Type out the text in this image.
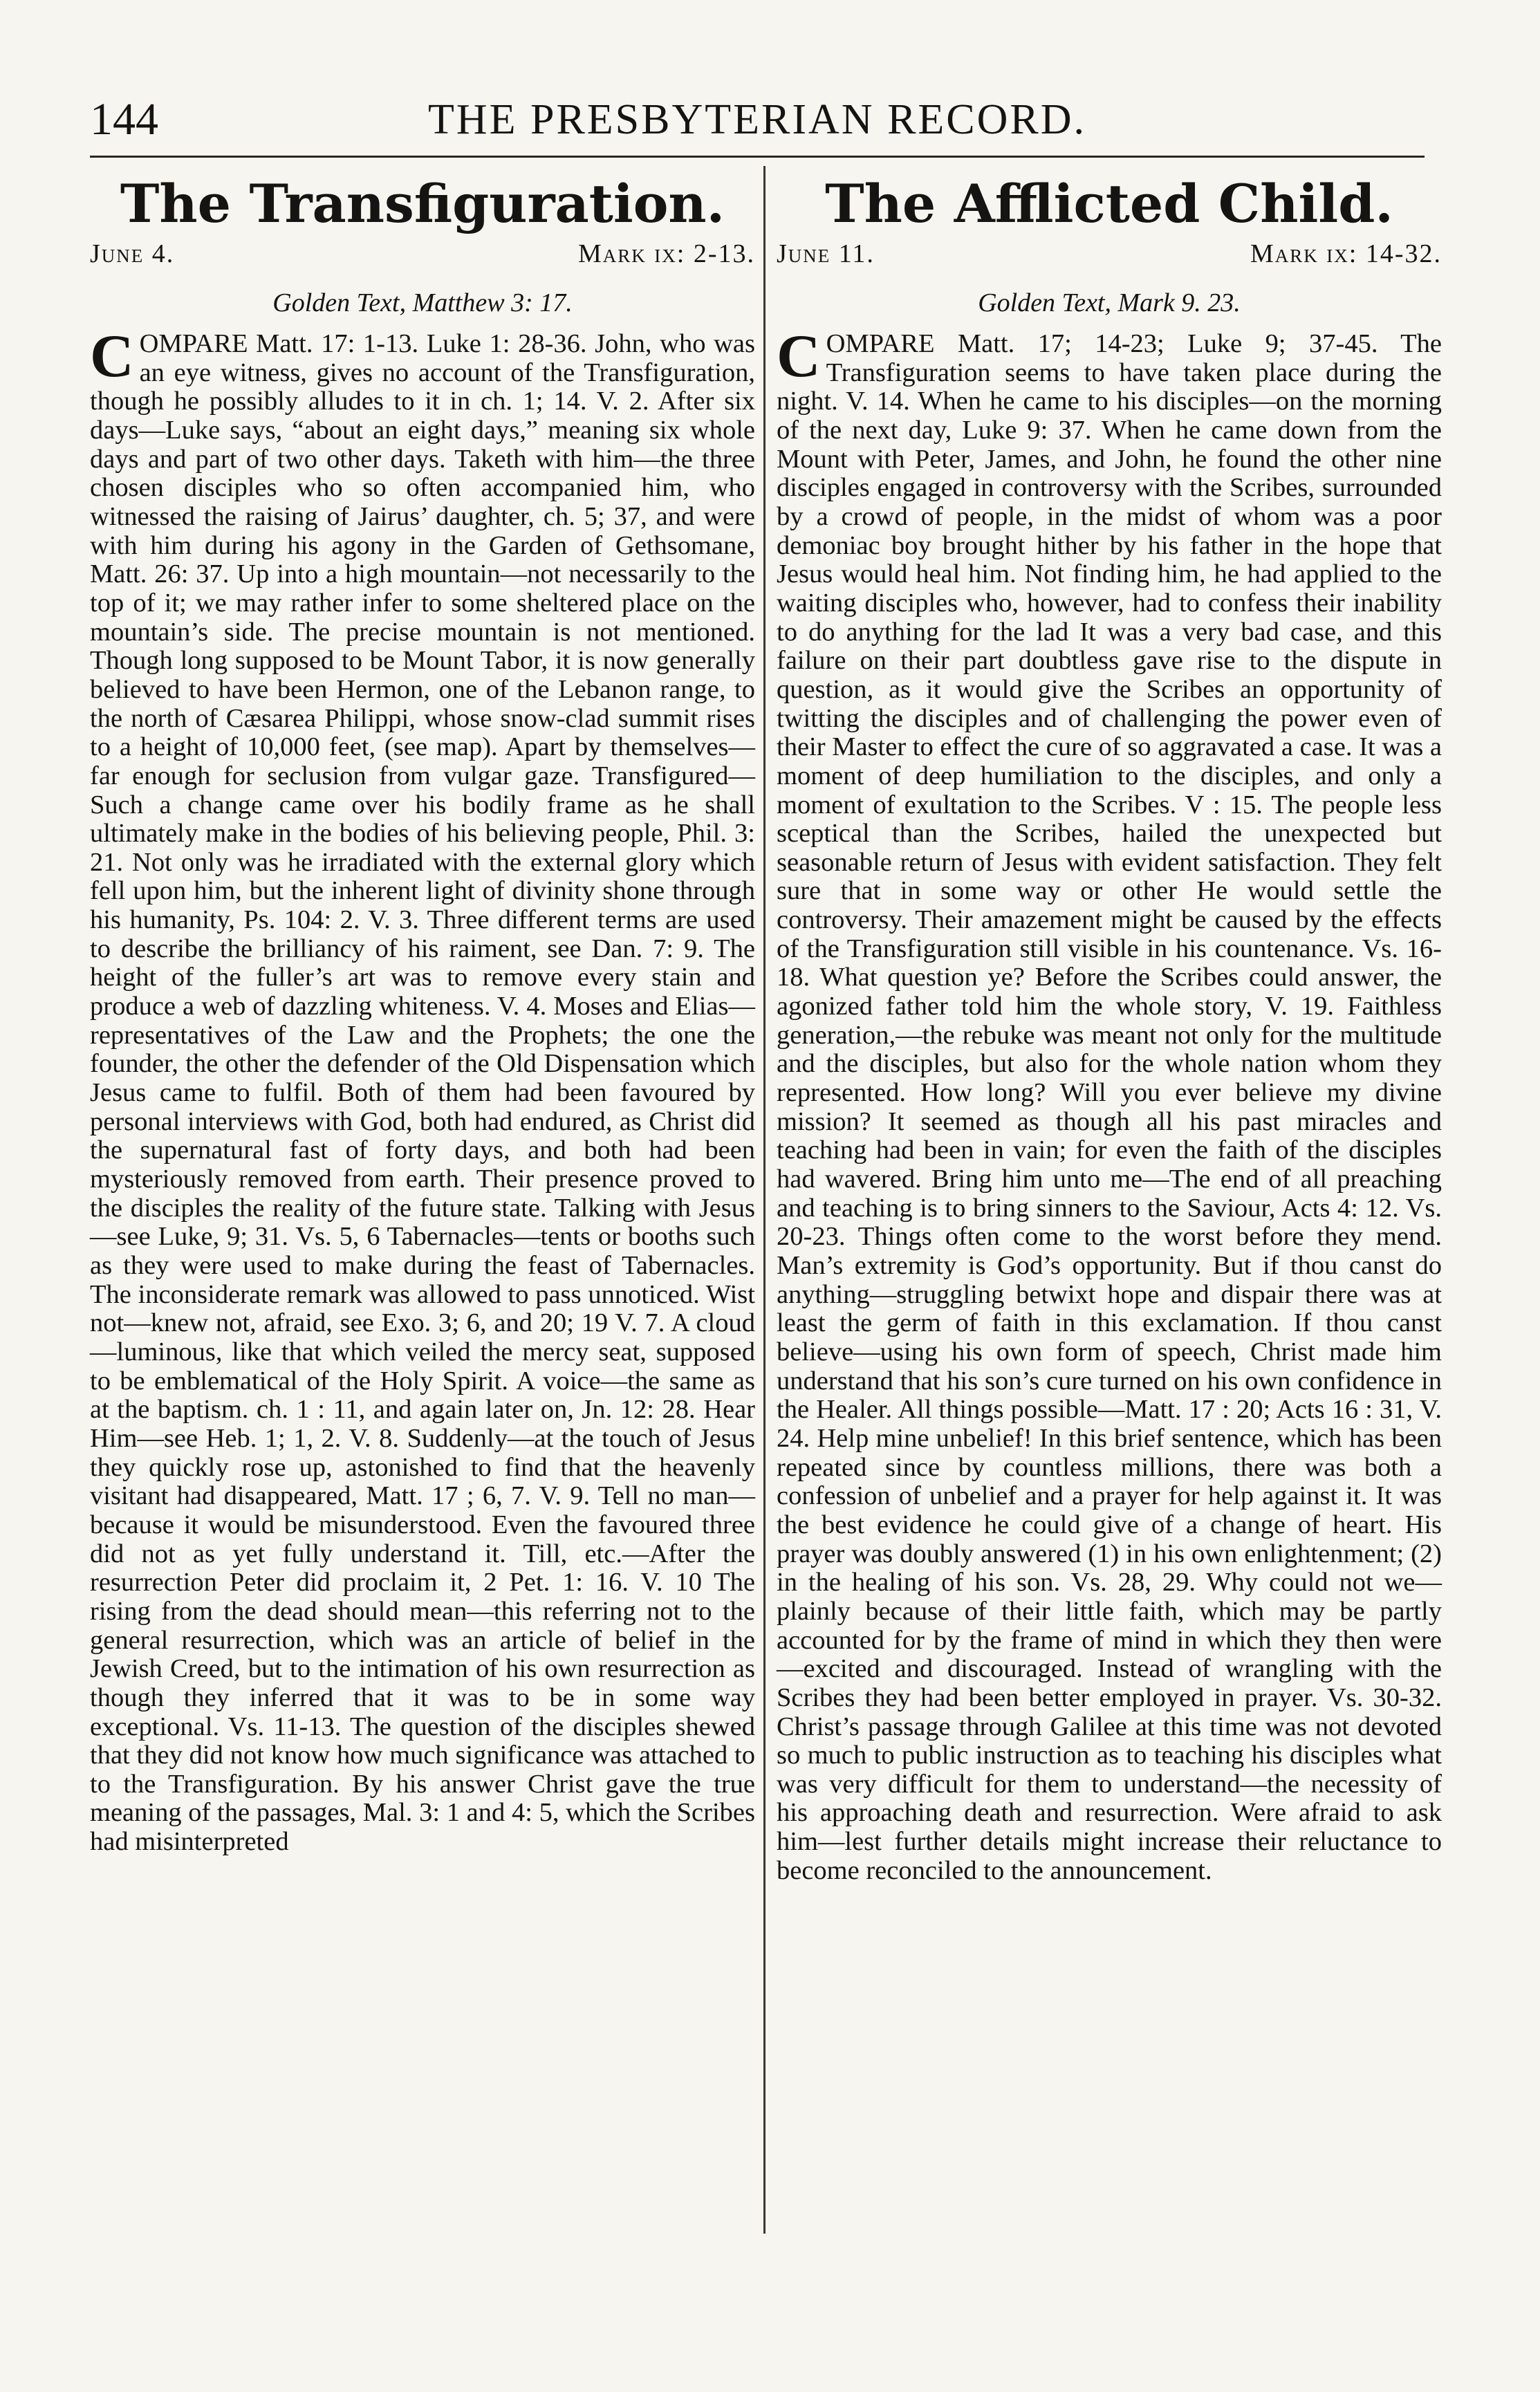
144	THE PRESBYTERIAN RECORD.
The Transfiguration.
June 4.	Mark ix: 2-13.
Golden Text, Matthew 3: 17.

COMPARE Matt. 17: 1-13. Luke 1: 28-36. John, who was an eye witness, gives no account of the Transfiguration, though he possibly alludes to it in ch. 1; 14. V. 2. After six days—Luke says, “about an eight days,” meaning six whole days and part of two other days. Taketh with him—the three chosen disciples who so often accompanied him, who witnessed the raising of Jairus’ daughter, ch. 5; 37, and were with him during his agony in the Garden of Gethsomane, Matt. 26: 37. Up into a high mountain—not necessarily to the top of it; we may rather infer to some sheltered place on the mountain’s side. The precise mountain is not mentioned. Though long supposed to be Mount Tabor, it is now generally believed to have been Hermon, one of the Lebanon range, to the north of Cæsarea Philippi, whose snow-clad summit rises to a height of 10,000 feet, (see map). Apart by themselves—far enough for seclusion from vulgar gaze. Transfigured—Such a change came over his bodily frame as he shall ultimately make in the bodies of his believing people, Phil. 3: 21. Not only was he irradiated with the external glory which fell upon him, but the inherent light of divinity shone through his humanity, Ps. 104: 2. V. 3. Three different terms are used to describe the brilliancy of his raiment, see Dan. 7: 9. The height of the fuller’s art was to remove every stain and produce a web of dazzling whiteness. V. 4. Moses and Elias—representatives of the Law and the Prophets; the one the founder, the other the defender of the Old Dispensation which Jesus came to fulfil. Both of them had been favoured by personal interviews with God, both had endured, as Christ did the supernatural fast of forty days, and both had been mysteriously removed from earth. Their presence proved to the disciples the reality of the future state. Talking with Jesus—see Luke, 9; 31. Vs. 5, 6 Tabernacles—tents or booths such as they were used to make during the feast of Tabernacles. The inconsiderate remark was allowed to pass unnoticed. Wist not—knew not, afraid, see Exo. 3; 6, and 20; 19 V. 7. A cloud—luminous, like that which veiled the mercy seat, supposed to be emblematical of the Holy Spirit. A voice—the same as at the baptism. ch. 1 : 11, and again later on, Jn. 12: 28. Hear Him—see Heb. 1; 1, 2. V. 8. Suddenly—at the touch of Jesus they quickly rose up, astonished to find that the heavenly visitant had disappeared, Matt. 17 ; 6, 7. V. 9. Tell no man—because it would be misunderstood. Even the favoured three did not as yet fully understand it. Till, etc.—After the resurrection Peter did proclaim it, 2 Pet. 1: 16. V. 10 The rising from the dead should mean—this referring not to the general resurrection, which was an article of belief in the Jewish Creed, but to the intimation of his own resurrection as though they inferred that it was to be in some way exceptional. Vs. 11-13. The question of the disciples shewed that they did not know how much significance was attached to to the Transfiguration. By his answer Christ gave the true meaning of the passages, Mal. 3: 1 and 4: 5, which the Scribes had misinterpreted

The Afflicted Child.
June 11.	Mark ix: 14-32.
Golden Text, Mark 9. 23.

COMPARE Matt. 17; 14-23; Luke 9; 37-45. The Transfiguration seems to have taken place during the night. V. 14. When he came to his disciples—on the morning of the next day, Luke 9: 37. When he came down from the Mount with Peter, James, and John, he found the other nine disciples engaged in controversy with the Scribes, surrounded by a crowd of people, in the midst of whom was a poor demoniac boy brought hither by his father in the hope that Jesus would heal him. Not finding him, he had applied to the waiting disciples who, however, had to confess their inability to do anything for the lad It was a very bad case, and this failure on their part doubtless gave rise to the dispute in question, as it would give the Scribes an opportunity of twitting the disciples and of challenging the power even of their Master to effect the cure of so aggravated a case. It was a moment of deep humiliation to the disciples, and only a moment of exultation to the Scribes. V : 15. The people less sceptical than the Scribes, hailed the unexpected but seasonable return of Jesus with evident satisfaction. They felt sure that in some way or other He would settle the controversy. Their amazement might be caused by the effects of the Transfiguration still visible in his countenance. Vs. 16-18. What question ye? Before the Scribes could answer, the agonized father told him the whole story, V. 19. Faithless generation,—the rebuke was meant not only for the multitude and the disciples, but also for the whole nation whom they represented. How long? Will you ever believe my divine mission? It seemed as though all his past miracles and teaching had been in vain; for even the faith of the disciples had wavered. Bring him unto me—The end of all preaching and teaching is to bring sinners to the Saviour, Acts 4: 12. Vs. 20-23. Things often come to the worst before they mend. Man’s extremity is God’s opportunity. But if thou canst do anything—struggling betwixt hope and dispair there was at least the germ of faith in this exclamation. If thou canst believe—using his own form of speech, Christ made him understand that his son’s cure turned on his own confidence in the Healer. All things possible—Matt. 17 : 20; Acts 16 : 31, V. 24. Help mine unbelief! In this brief sentence, which has been repeated since by countless millions, there was both a confession of unbelief and a prayer for help against it. It was the best evidence he could give of a change of heart. His prayer was doubly answered (1) in his own enlightenment; (2) in the healing of his son. Vs. 28, 29. Why could not we—plainly because of their little faith, which may be partly accounted for by the frame of mind in which they then were—excited and discouraged. Instead of wrangling with the Scribes they had been better employed in prayer. Vs. 30-32. Christ’s passage through Galilee at this time was not devoted so much to public instruction as to teaching his disciples what was very difficult for them to understand—the necessity of his approaching death and resurrection. Were afraid to ask him—lest further details might increase their reluctance to become reconciled to the announcement.
